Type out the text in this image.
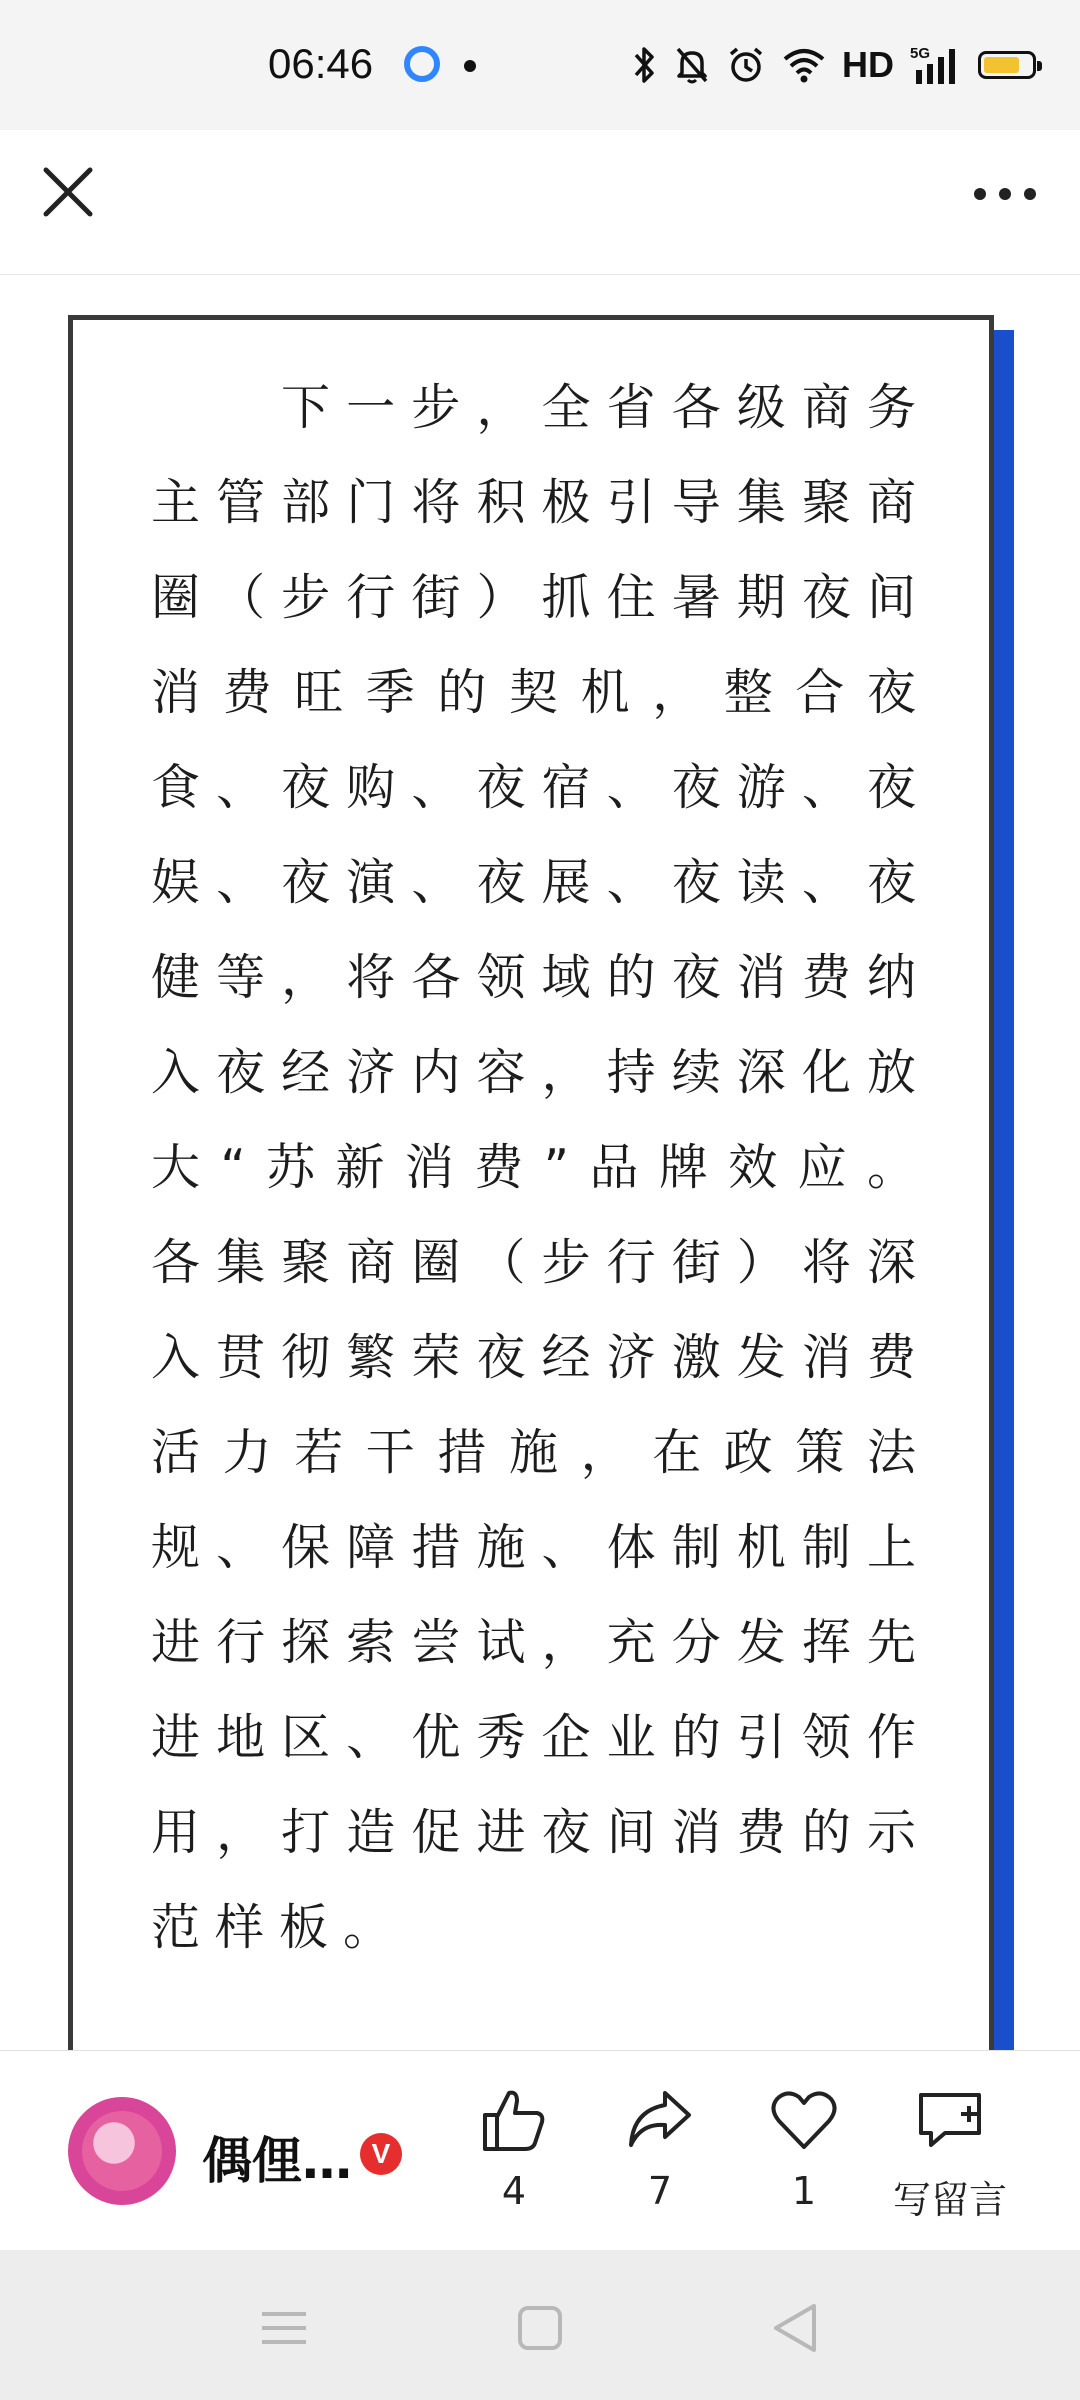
06:46	HD 5G

下一步，全省各级商务主管部门将积极引导集聚商圈（步行街）抓住暑期夜间消费旺季的契机，整合夜食、夜购、夜宿、夜游、夜娱、夜演、夜展、夜读、夜健等，将各领域的夜消费纳入夜经济内容，持续深化放大“苏新消费”品牌效应。各集聚商圈（步行街）将深入贯彻繁荣夜经济激发消费活力若干措施，在政策法规、保障措施、体制机制上进行探索尝试，充分发挥先进地区、优秀企业的引领作用，打造促进夜间消费的示范样板。

偶俚… V
4	7	1	写留言
